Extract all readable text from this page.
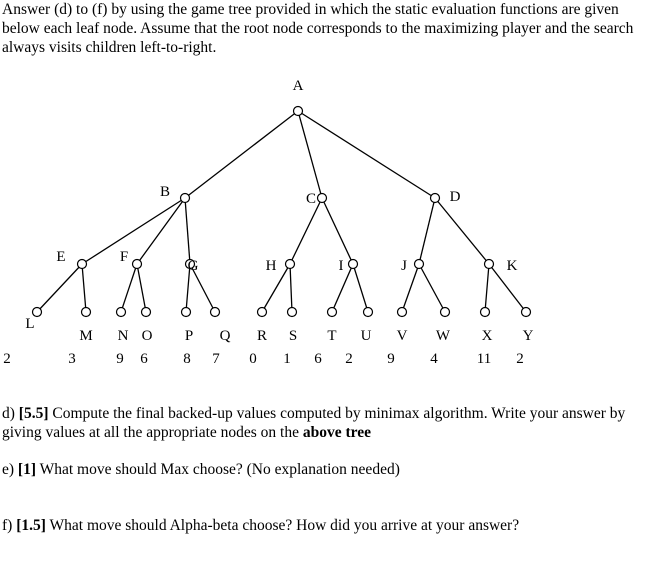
Answer (d) to (f) by using the game tree provided in which the static evaluation functions are given below each leaf node. Assume that the root node corresponds to the maximizing player and the search always visits children left-to-right.

A
B	C	D
E	F
G	H	I	J	K
L
M N O P Q R S T U V W X Y
2	3	9 6 8 7 0 1 6 2 9 4	11 2

d) [5.5] Compute the final backed-up values computed by minimax algorithm. Write your answer by giving values at all the appropriate nodes on the above tree

e) [1] What move should Max choose? (No explanation needed)

f) [1.5] What move should Alpha-beta choose? How did you arrive at your answer?
